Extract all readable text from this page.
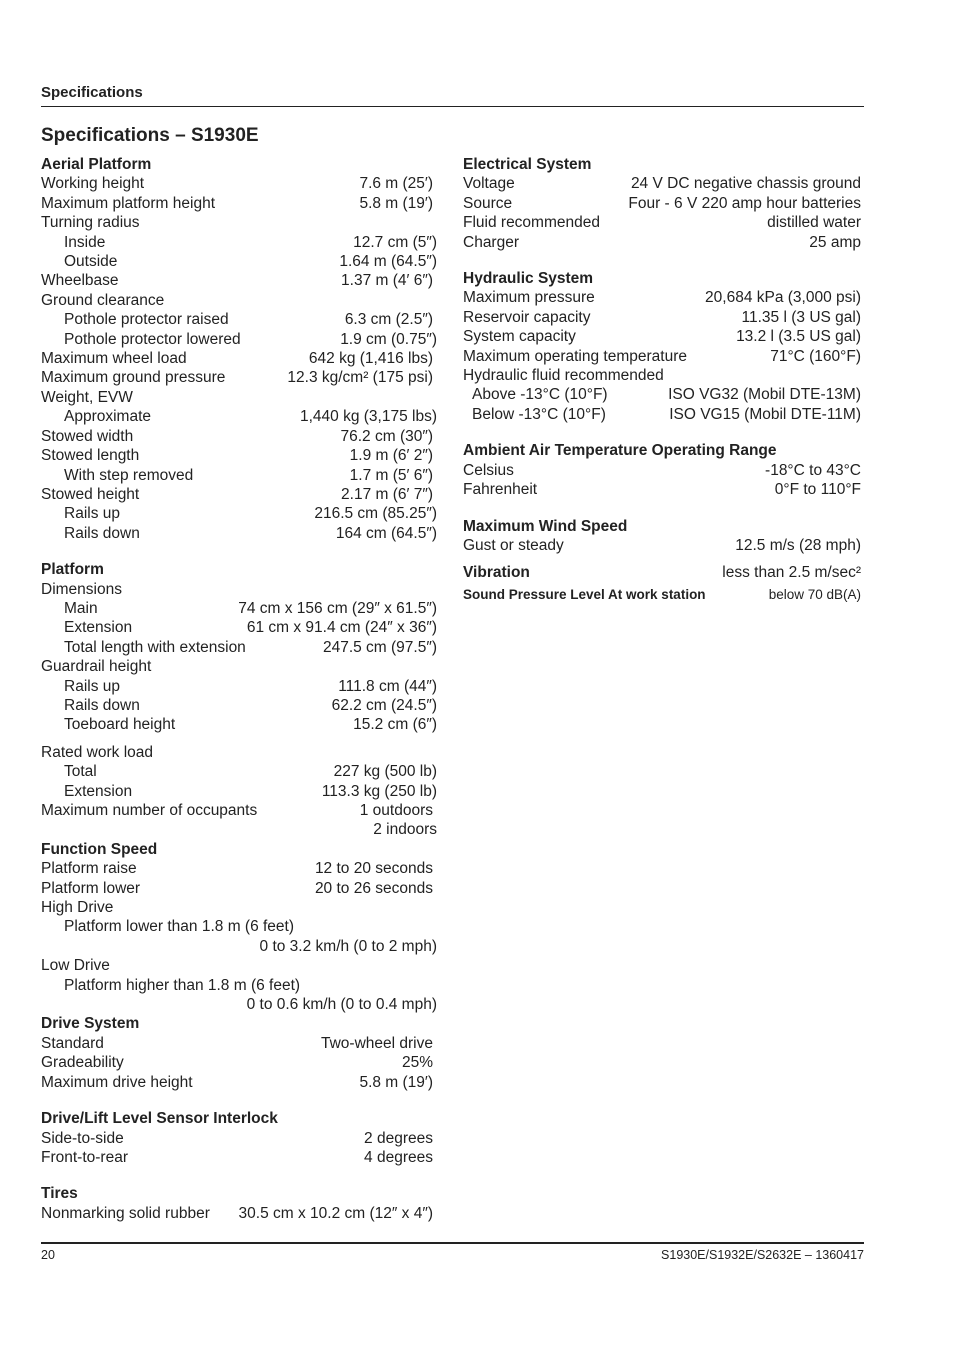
Specifications
Specifications – S1930E
Aerial Platform
Working height	7.6 m (25′)
Maximum platform height	5.8 m (19′)
Turning radius
Inside	12.7 cm (5″)
Outside	1.64 m (64.5″)
Wheelbase	1.37 m (4′ 6″)
Ground clearance
Pothole protector raised	6.3 cm (2.5″)
Pothole protector lowered	1.9 cm (0.75″)
Maximum wheel load	642 kg (1,416 lbs)
Maximum ground pressure	12.3 kg/cm² (175 psi)
Weight, EVW
Approximate	1,440 kg (3,175 lbs)
Stowed width	76.2 cm (30″)
Stowed length	1.9 m (6′ 2″)
With step removed	1.7 m (5′ 6″)
Stowed height	2.17 m (6′ 7″)
Rails up	216.5 cm (85.25″)
Rails down	164 cm (64.5″)
Platform
Dimensions
Main	74 cm x 156 cm (29″ x 61.5″)
Extension	61 cm x 91.4 cm (24″ x 36″)
Total length with extension	247.5 cm (97.5″)
Guardrail height
Rails up	111.8 cm (44″)
Rails down	62.2 cm (24.5″)
Toeboard height	15.2 cm (6″)
Rated work load
Total	227 kg (500 lb)
Extension	113.3 kg (250 lb)
Maximum number of occupants	1 outdoors
2 indoors
Function Speed
Platform raise	12 to 20 seconds
Platform lower	20 to 26 seconds
High Drive
Platform lower than 1.8 m (6 feet)
0 to 3.2 km/h (0 to 2 mph)
Low Drive
Platform higher than 1.8 m (6 feet)
0 to 0.6 km/h (0 to 0.4 mph)
Drive System
Standard	Two-wheel drive
Gradeability	25%
Maximum drive height	5.8 m (19′)
Drive/Lift Level Sensor Interlock
Side-to-side	2 degrees
Front-to-rear	4 degrees
Tires
Nonmarking solid rubber 30.5 cm x 10.2 cm (12″ x 4″)
Electrical System
Voltage	24 V DC negative chassis ground
Source	Four - 6 V 220 amp hour batteries
Fluid recommended	distilled water
Charger	25 amp
Hydraulic System
Maximum pressure	20,684 kPa (3,000 psi)
Reservoir capacity	11.35 l (3 US gal)
System capacity	13.2 l (3.5 US gal)
Maximum operating temperature	71°C (160°F)
Hydraulic fluid recommended
Above -13°C (10°F)	ISO VG32 (Mobil DTE-13M)
Below -13°C (10°F)	ISO VG15 (Mobil DTE-11M)
Ambient Air Temperature Operating Range
Celsius	-18°C to 43°C
Fahrenheit	0°F to 110°F
Maximum Wind Speed
Gust or steady	12.5 m/s (28 mph)
Vibration	less than 2.5 m/sec²
Sound Pressure Level At work station	below 70 dB(A)
20	S1930E/S1932E/S2632E – 1360417
